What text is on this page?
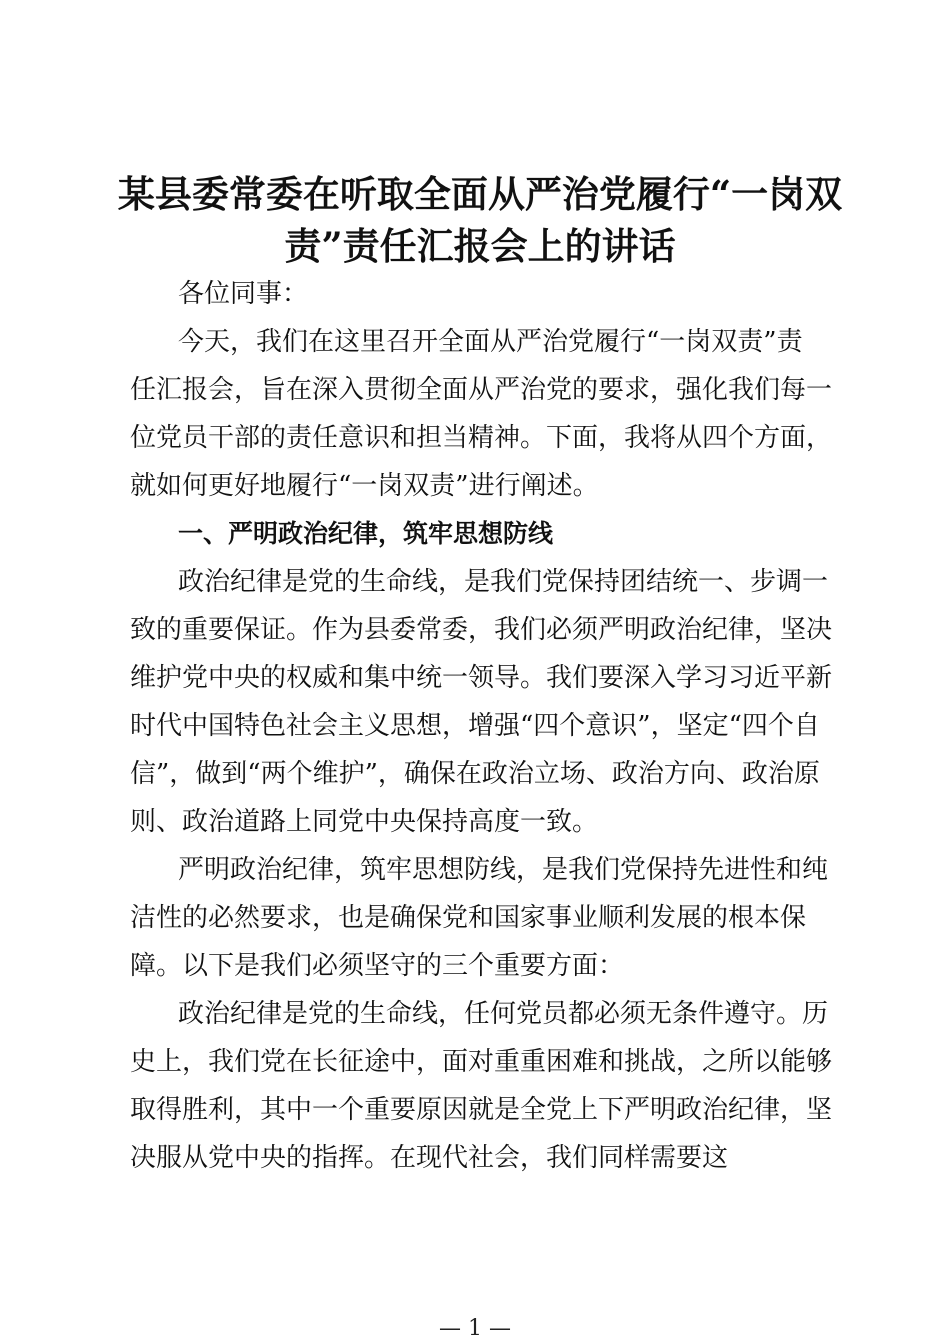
某县委常委在听取全面从严治党履行“一岗双
责”责任汇报会上的讲话
各位同事：
今天，我们在这里召开全面从严治党履行“一岗双责”责
任汇报会，旨在深入贯彻全面从严治党的要求，强化我们每一
位党员干部的责任意识和担当精神。下面，我将从四个方面，
就如何更好地履行“一岗双责”进行阐述。
一、严明政治纪律，筑牢思想防线
政治纪律是党的生命线，是我们党保持团结统一、步调一
致的重要保证。作为县委常委，我们必须严明政治纪律，坚决
维护党中央的权威和集中统一领导。我们要深入学习习近平新
时代中国特色社会主义思想，增强“四个意识”，坚定“四个自
信”，做到“两个维护”，确保在政治立场、政治方向、政治原
则、政治道路上同党中央保持高度一致。
严明政治纪律，筑牢思想防线，是我们党保持先进性和纯
洁性的必然要求，也是确保党和国家事业顺利发展的根本保
障。以下是我们必须坚守的三个重要方面：
政治纪律是党的生命线，任何党员都必须无条件遵守。历
史上，我们党在长征途中，面对重重困难和挑战，之所以能够
取得胜利，其中一个重要原因就是全党上下严明政治纪律，坚
决服从党中央的指挥。在现代社会，我们同样需要这
— 1 —
